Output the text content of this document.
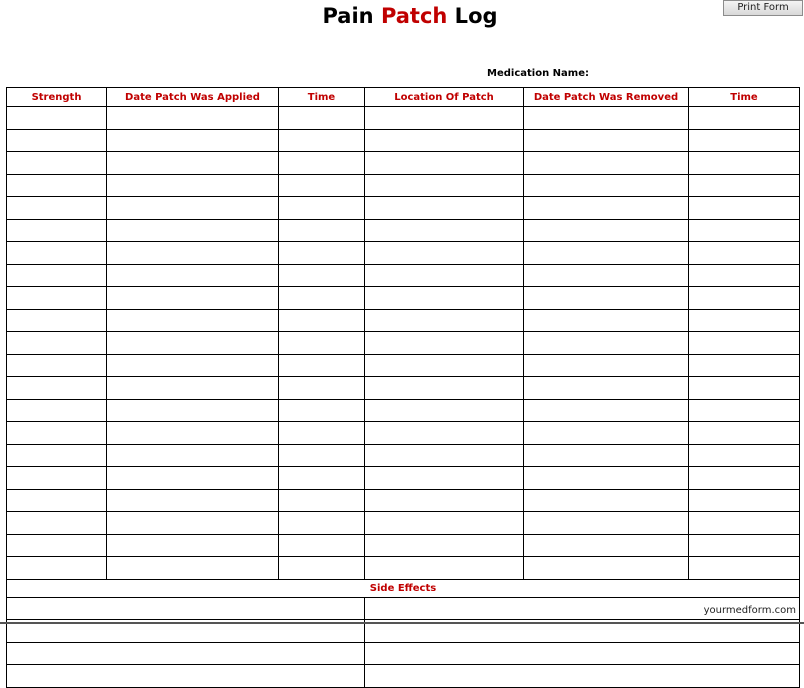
Print Form
Pain Patch Log
Medication Name:
Strength	Date Patch Was Applied	Time	Location Of Patch	Date Patch Was Removed	Time

Side Effects					

yourmedform.com
